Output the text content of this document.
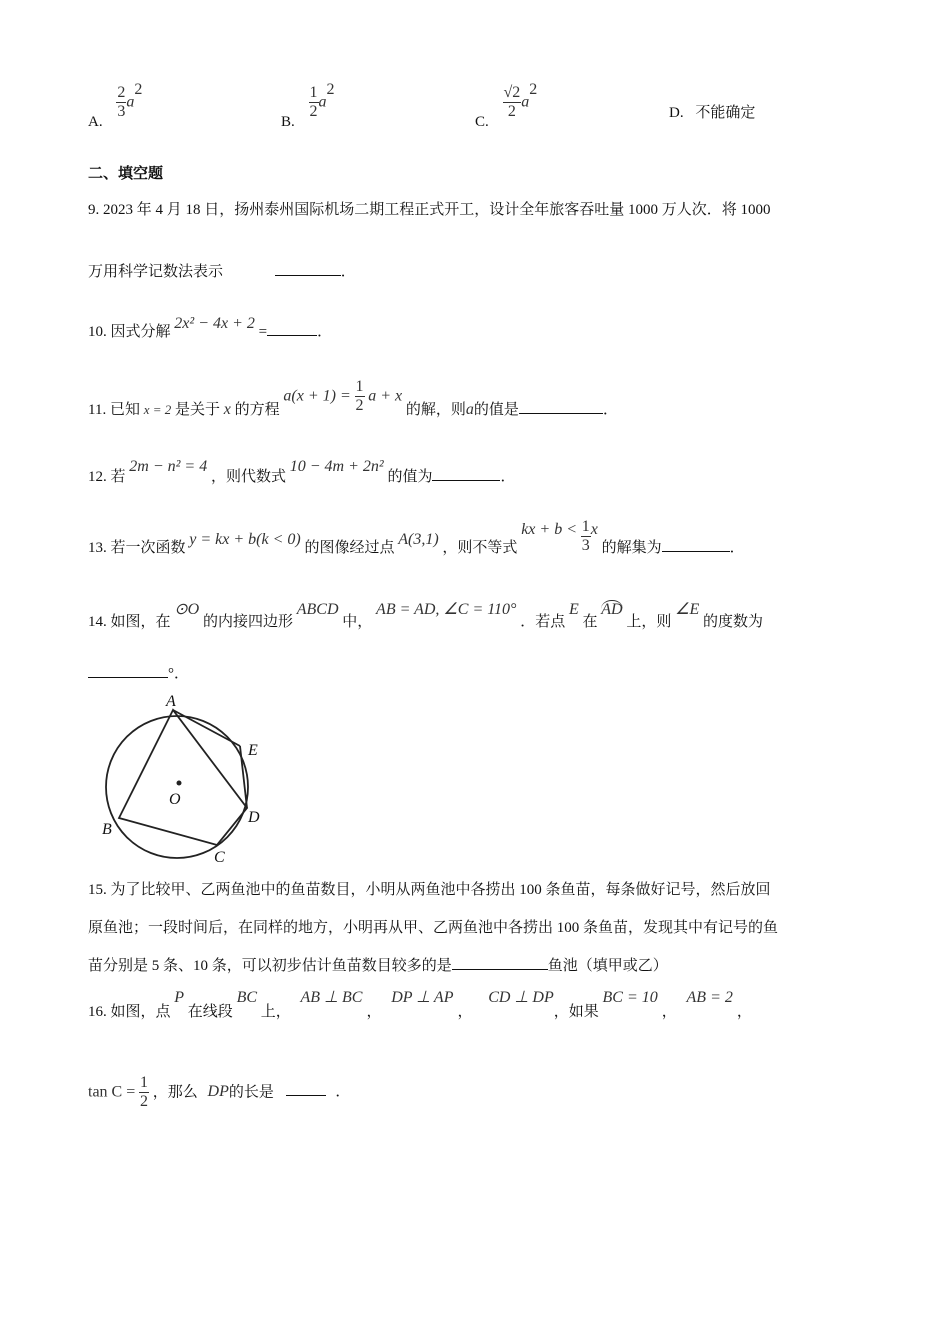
A.
$\frac{2}{3} a^2$
B.
$\frac{1}{2} a^2$
C.
$\frac{√2}{2} a^2$
D. 不能确定
二、填空题
9. 2023 年 4 月 18 日，扬州泰州国际机场二期工程正式开工，设计全年旅客吞吐量 1000 万人次．将 1000
万用科学记数法表示	．
10. 因式分解 2x² − 4x + 2 =	．
11. 已知 x = 2 是关于 x 的方程 $a(x + 1) = \frac{1}{2}$ a + x 的解，则a的值是	．
12. 若 2m − n² = 4 ，则代数式 10 − 4m + 2n² 的值为	．
13. 若一次函数 y = kx + b(k < 0) 的图像经过点 A(3,1) ，则不等式 kx + $b < \frac{1}{3}$ x 的解集为	．
14. 如图，在 ⊙O 的内接四边形 ABCD 中， AB = AD, ∠C = 110° ．若点 E 在 AD 上，则 ∠E 的度数为
°．
A
E
O
D
B
C
15. 为了比较甲、乙两鱼池中的鱼苗数目，小明从两鱼池中各捞出 100 条鱼苗，每条做好记号，然后放回
原鱼池；一段时间后，在同样的地方，小明再从甲、乙两鱼池中各捞出 100 条鱼苗，发现其中有记号的鱼
苗分别是 5 条、10 条，可以初步估计鱼苗数目较多的是	鱼池（填甲或乙）
16. 如图，点 P 在线段 BC 上， AB ⊥ BC， DP ⊥ AP， CD ⊥ DP，如果 BC = 10， AB = 2，
$\tan C = \frac{1}{2}$ ，那么 DP的长是	．
